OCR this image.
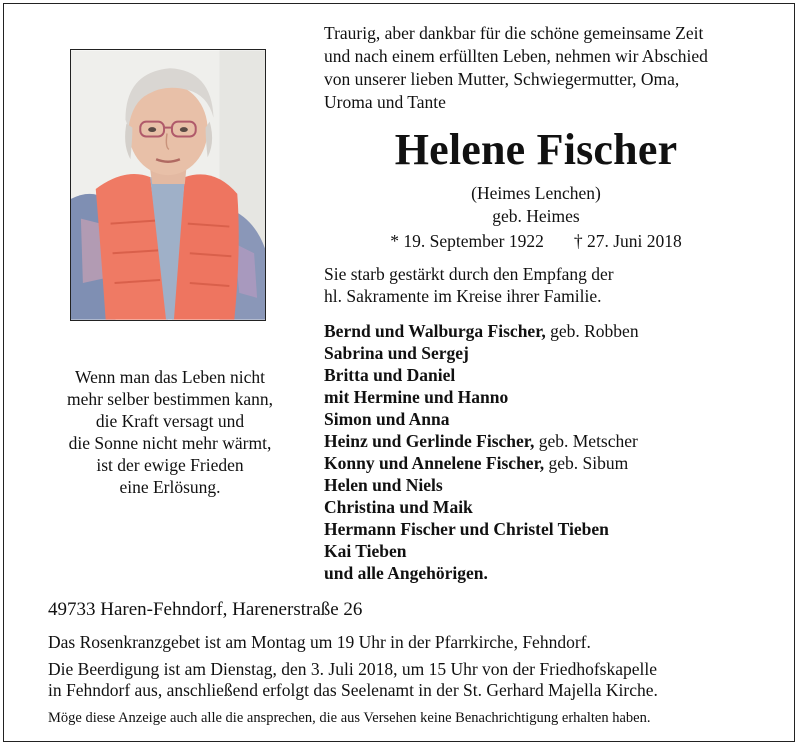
Traurig, aber dankbar für die schöne gemeinsame Zeit
und nach einem erfüllten Leben, nehmen wir Abschied
von unserer lieben Mutter, Schwiegermutter, Oma,
Uroma und Tante
Helene Fischer
(Heimes Lenchen)
geb. Heimes
* 19. September 1922 † 27. Juni 2018
Sie starb gestärkt durch den Empfang der
hl. Sakramente im Kreise ihrer Familie.
Wenn man das Leben nicht
mehr selber bestimmen kann,
die Kraft versagt und
die Sonne nicht mehr wärmt,
ist der ewige Frieden
eine Erlösung.
Bernd und Walburga Fischer, geb. Robben
Sabrina und Sergej
Britta und Daniel
mit Hermine und Hanno
Simon und Anna
Heinz und Gerlinde Fischer, geb. Metscher
Konny und Annelene Fischer, geb. Sibum
Helen und Niels
Christina und Maik
Hermann Fischer und Christel Tieben
Kai Tieben
und alle Angehörigen.
49733 Haren-Fehndorf, Harenerstraße 26
Das Rosenkranzgebet ist am Montag um 19 Uhr in der Pfarrkirche, Fehndorf.
Die Beerdigung ist am Dienstag, den 3. Juli 2018, um 15 Uhr von der Friedhofskapelle
in Fehndorf aus, anschließend erfolgt das Seelenamt in der St. Gerhard Majella Kirche.
Möge diese Anzeige auch alle die ansprechen, die aus Versehen keine Benachrichtigung erhalten haben.
